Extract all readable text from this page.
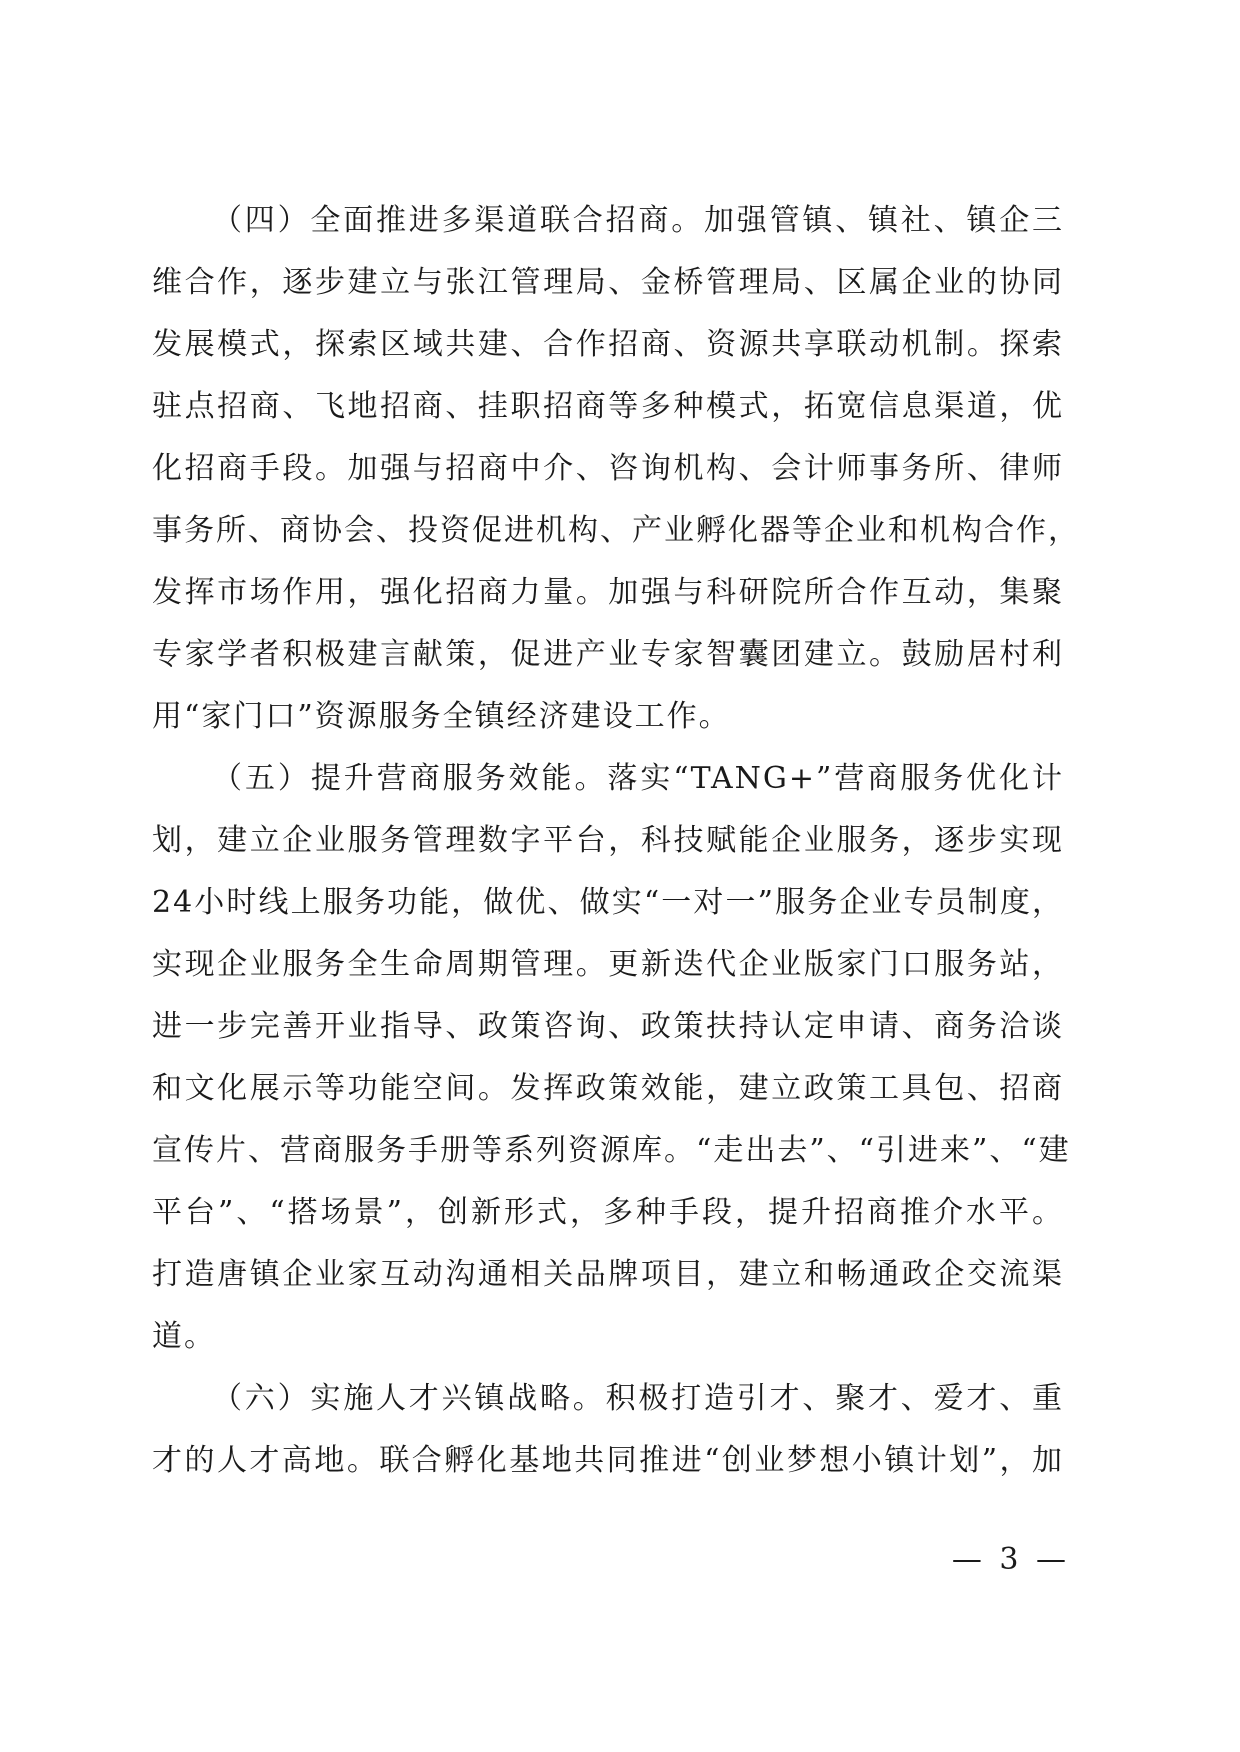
（四）全面推进多渠道联合招商。加强管镇、镇社、镇企三
维合作，逐步建立与张江管理局、金桥管理局、区属企业的协同
发展模式，探索区域共建、合作招商、资源共享联动机制。探索
驻点招商、飞地招商、挂职招商等多种模式，拓宽信息渠道，优
化招商手段。加强与招商中介、咨询机构、会计师事务所、律师
事务所、商协会、投资促进机构、产业孵化器等企业和机构合作，
发挥市场作用，强化招商力量。加强与科研院所合作互动，集聚
专家学者积极建言献策，促进产业专家智囊团建立。鼓励居村利
用“家门口”资源服务全镇经济建设工作。

（五）提升营商服务效能。落实“TANG+”营商服务优化计
划，建立企业服务管理数字平台，科技赋能企业服务，逐步实现
24小时线上服务功能，做优、做实“一对一”服务企业专员制度，
实现企业服务全生命周期管理。更新迭代企业版家门口服务站，
进一步完善开业指导、政策咨询、政策扶持认定申请、商务洽谈
和文化展示等功能空间。发挥政策效能，建立政策工具包、招商
宣传片、营商服务手册等系列资源库。“走出去”、“引进来”、“建
平台”、“搭场景”，创新形式，多种手段，提升招商推介水平。
打造唐镇企业家互动沟通相关品牌项目，建立和畅通政企交流渠
道。

（六）实施人才兴镇战略。积极打造引才、聚才、爱才、重
才的人才高地。联合孵化基地共同推进“创业梦想小镇计划”，加

— 3 —
